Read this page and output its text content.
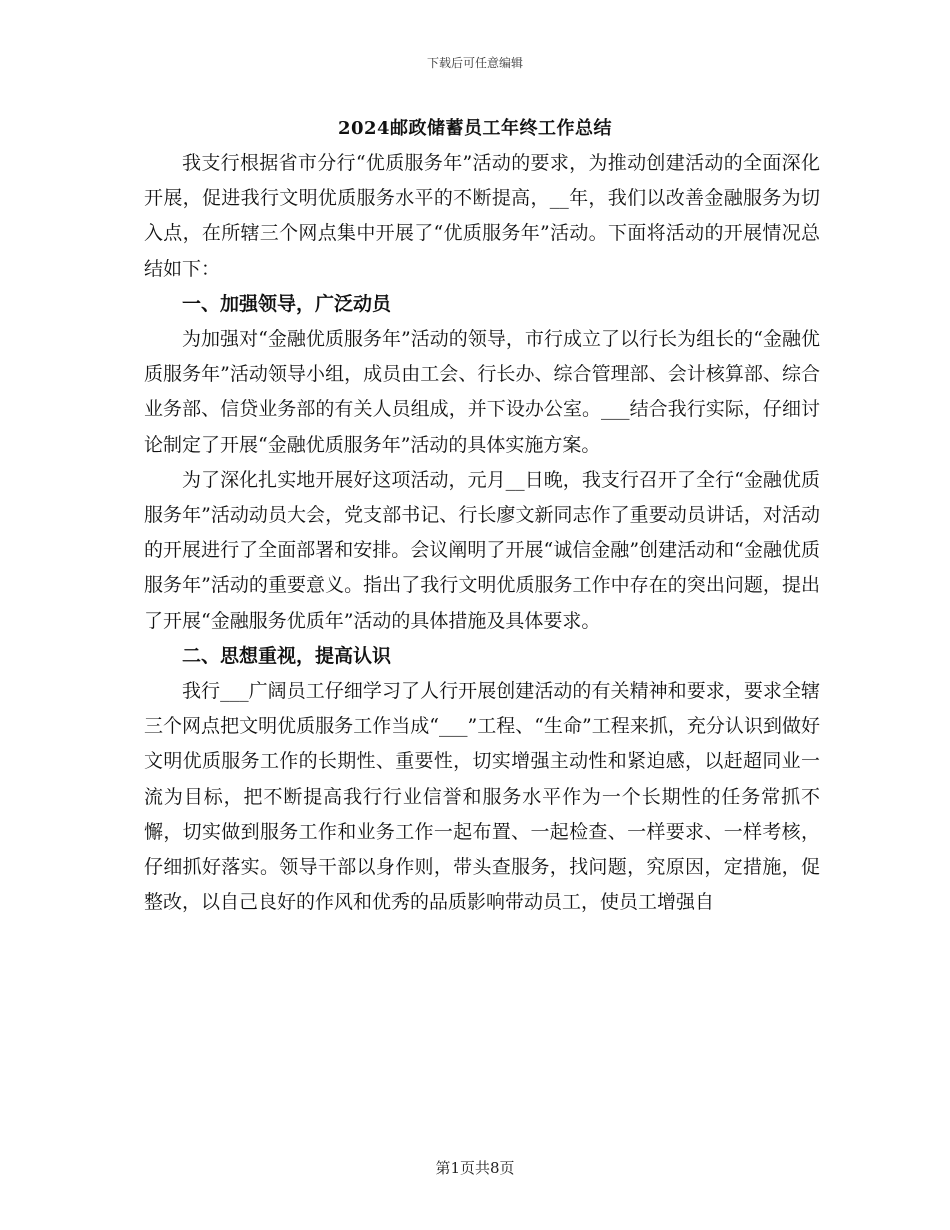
下载后可任意编辑
2024邮政储蓄员工年终工作总结

我支行根据省市分行“优质服务年”活动的要求，为推动创建活动的全面深化开展，促进我行文明优质服务水平的不断提高，__年，我们以改善金融服务为切入点，在所辖三个网点集中开展了“优质服务年”活动。下面将活动的开展情况总结如下：

一、加强领导，广泛动员

为加强对“金融优质服务年”活动的领导，市行成立了以行长为组长的“金融优质服务年”活动领导小组，成员由工会、行长办、综合管理部、会计核算部、综合业务部、信贷业务部的有关人员组成，并下设办公室。___结合我行实际，仔细讨论制定了开展“金融优质服务年”活动的具体实施方案。

为了深化扎实地开展好这项活动，元月__日晚，我支行召开了全行“金融优质服务年”活动动员大会，党支部书记、行长廖文新同志作了重要动员讲话，对活动的开展进行了全面部署和安排。会议阐明了开展“诚信金融”创建活动和“金融优质服务年”活动的重要意义。指出了我行文明优质服务工作中存在的突出问题，提出了开展“金融服务优质年”活动的具体措施及具体要求。

二、思想重视，提高认识

我行___广阔员工仔细学习了人行开展创建活动的有关精神和要求，要求全辖三个网点把文明优质服务工作当成“___”工程、“生命”工程来抓，充分认识到做好文明优质服务工作的长期性、重要性，切实增强主动性和紧迫感，以赶超同业一流为目标，把不断提高我行行业信誉和服务水平作为一个长期性的任务常抓不懈，切实做到服务工作和业务工作一起布置、一起检查、一样要求、一样考核，仔细抓好落实。领导干部以身作则，带头查服务，找问题，究原因，定措施，促整改，以自己良好的作风和优秀的品质影响带动员工，使员工增强自

第1页共8页
